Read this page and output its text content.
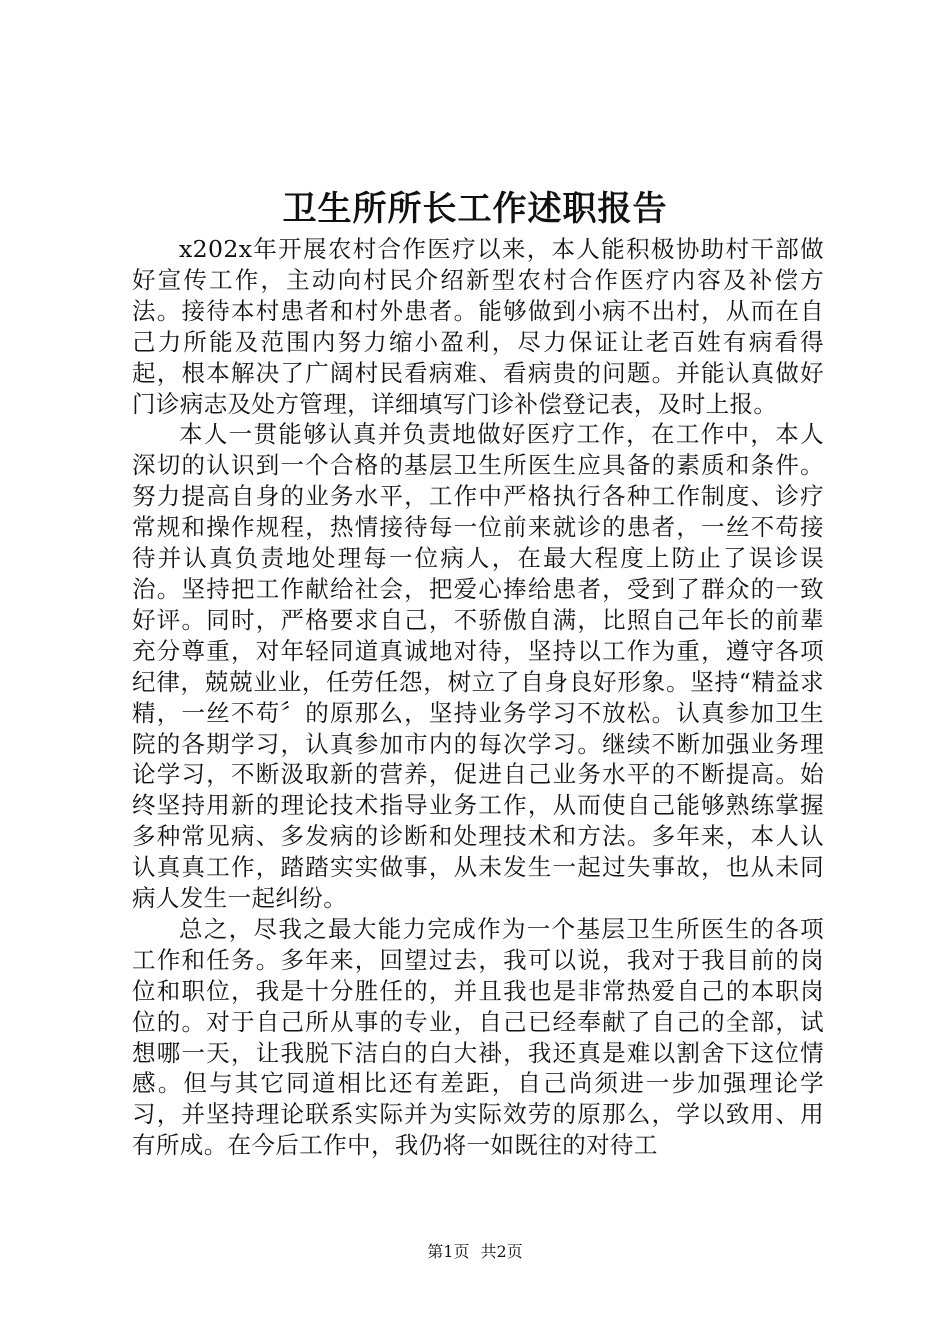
卫生所所长工作述职报告

x202x年开展农村合作医疗以来，本人能积极协助村干部做好宣传工作，主动向村民介绍新型农村合作医疗内容及补偿方法。接待本村患者和村外患者。能够做到小病不出村，从而在自己力所能及范围内努力缩小盈利，尽力保证让老百姓有病看得起，根本解决了广阔村民看病难、看病贵的问题。并能认真做好门诊病志及处方管理，详细填写门诊补偿登记表，及时上报。

本人一贯能够认真并负责地做好医疗工作，在工作中，本人深切的认识到一个合格的基层卫生所医生应具备的素质和条件。努力提高自身的业务水平，工作中严格执行各种工作制度、诊疗常规和操作规程，热情接待每一位前来就诊的患者，一丝不苟接待并认真负责地处理每一位病人，在最大程度上防止了误诊误治。坚持把工作献给社会，把爱心捧给患者，受到了群众的一致好评。同时，严格要求自己，不骄傲自满，比照自己年长的前辈充分尊重，对年轻同道真诚地对待，坚持以工作为重，遵守各项纪律，兢兢业业，任劳任怨，树立了自身良好形象。坚持“精益求精，一丝不苟〞的原那么，坚持业务学习不放松。认真参加卫生院的各期学习，认真参加市内的每次学习。继续不断加强业务理论学习，不断汲取新的营养，促进自己业务水平的不断提高。始终坚持用新的理论技术指导业务工作，从而使自己能够熟练掌握多种常见病、多发病的诊断和处理技术和方法。多年来，本人认认真真工作，踏踏实实做事，从未发生一起过失事故，也从未同病人发生一起纠纷。

总之，尽我之最大能力完成作为一个基层卫生所医生的各项工作和任务。多年来，回望过去，我可以说，我对于我目前的岗位和职位，我是十分胜任的，并且我也是非常热爱自己的本职岗位的。对于自己所从事的专业，自己已经奉献了自己的全部，试想哪一天，让我脱下洁白的白大褂，我还真是难以割舍下这位情感。但与其它同道相比还有差距，自己尚须进一步加强理论学习，并坚持理论联系实际并为实际效劳的原那么，学以致用、用有所成。在今后工作中，我仍将一如既往的对待工

第1页 共2页
